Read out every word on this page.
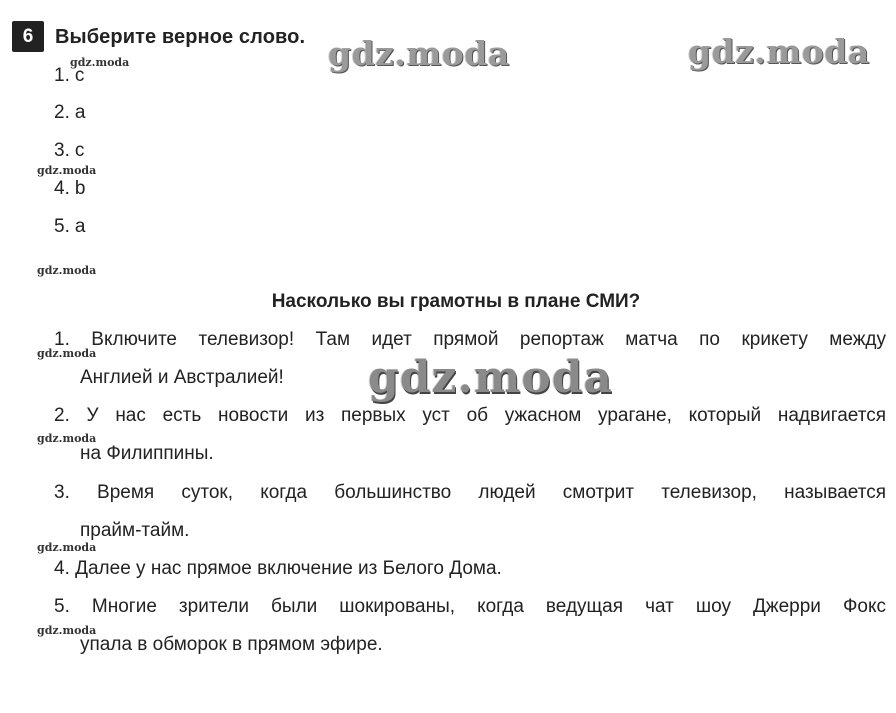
6	Выберите верное слово.
1. c
2. a
3. c
4. b
5. a
Насколько вы грамотны в плане СМИ?
1. Включите телевизор! Там идет прямой репортаж матча по крикету между
Англией и Австралией!
2. У нас есть новости из первых уст об ужасном урагане, который надвигается
на Филиппины.
3. Время суток, когда большинство людей смотрит телевизор, называется
прайм-тайм.
4. Далее у нас прямое включение из Белого Дома.
5. Многие зрители были шокированы, когда ведущая чат шоу Джерри Фокс
упала в обморок в прямом эфире.
gdz.moda	gdz.moda
gdz.moda
gdz.moda
gdz.moda
gdz.moda
gdz.moda
gdz.moda
gdz.moda
gdz.moda
